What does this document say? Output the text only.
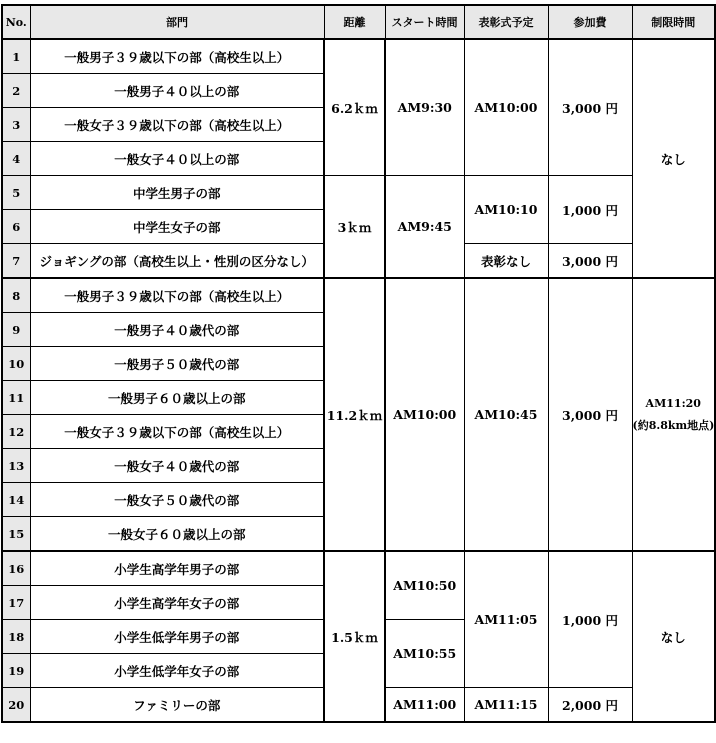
No.	部門	距離	スタート時間	表彰式予定	参加費	制限時間
1	一般男子３９歳以下の部（高校生以上）	6.2ｋｍ	AM9:30	AM10:00	3,000 円	なし
2	一般男子４０以上の部					
3	一般女子３９歳以下の部（高校生以上）					
4	一般女子４０以上の部					
5	中学生男子の部	3ｋｍ	AM9:45	AM10:10	1,000 円	
6	中学生女子の部					
7	ジョギングの部（高校生以上・性別の区分なし）			表彰なし	3,000 円	
8	一般男子３９歳以下の部（高校生以上）	11.2ｋｍ	AM10:00	AM10:45	3,000 円	AM11:20
(約8.8km地点)

9	一般男子４０歳代の部					
10	一般男子５０歳代の部					
11	一般男子６０歳以上の部					
12	一般女子３９歳以下の部（高校生以上）					
13	一般女子４０歳代の部					
14	一般女子５０歳代の部					
15	一般女子６０歳以上の部					
16	小学生高学年男子の部	1.5ｋｍ	AM10:50	AM11:05	1,000 円	なし
17	小学生高学年女子の部					
18	小学生低学年男子の部		AM10:55			
19	小学生低学年女子の部					
20	ファミリーの部		AM11:00	AM11:15	2,000 円	
